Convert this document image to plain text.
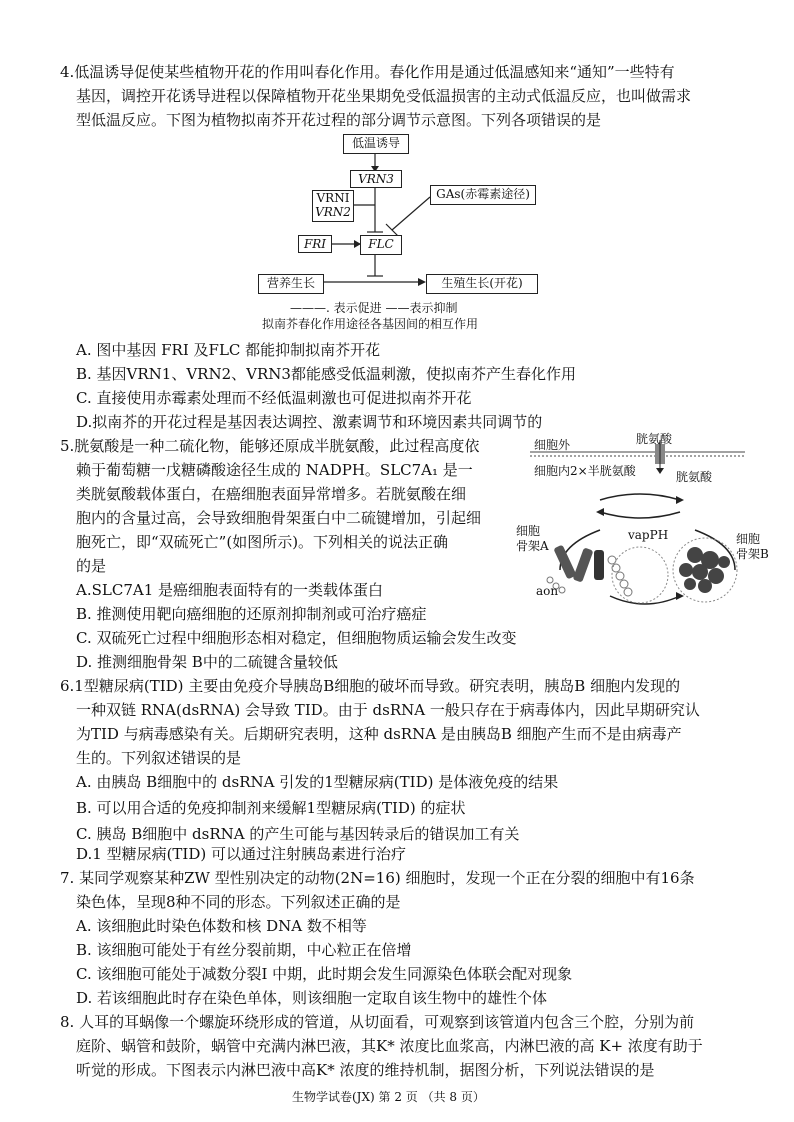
4.低温诱导促使某些植物开花的作用叫春化作用。春化作用是通过低温感知来“通知”一些特有
基因，调控开花诱导进程以保障植物开花坐果期免受低温损害的主动式低温反应，也叫做需求
型低温反应。下图为植物拟南芥开花过程的部分调节示意图。下列各项错误的是
低温诱导
VRN3
VRNI
VRN2
GAs(赤霉素途径)
FRI	FLC
营养生长	生殖生长(开花)
———. 表示促进 ——表示抑制
拟南芥春化作用途径各基因间的相互作用
A. 图中基因 FRI 及FLC 都能抑制拟南芥开花
B. 基因VRN1、VRN2、VRN3都能感受低温刺激，使拟南芥产生春化作用
C. 直接使用赤霉素处理而不经低温刺激也可促进拟南芥开花
D.拟南芥的开花过程是基因表达调控、激素调节和环境因素共同调节的
5.胱氨酸是一种二硫化物，能够还原成半胱氨酸，此过程高度依
赖于葡萄糖一戊糖磷酸途径生成的 NADPH。SLC7A₁ 是一
类胱氨酸载体蛋白，在癌细胞表面异常增多。若胱氨酸在细
胞内的含量过高，会导致细胞骨架蛋白中二硫键增加，引起细
胞死亡，即“双硫死亡”(如图所示)。下列相关的说法正确
的是
细胞外	胱氨酸
细胞内2×半胱氨酸	胱氨酸
vapPH
细胞
骨架A
aon
细胞
骨架B
A.SLC7A1 是癌细胞表面特有的一类载体蛋白
B. 推测使用靶向癌细胞的还原剂抑制剂或可治疗癌症
C. 双硫死亡过程中细胞形态相对稳定，但细胞物质运输会发生改变
D. 推测细胞骨架 B中的二硫键含量较低
6.1型糖尿病(TID) 主要由免疫介导胰岛B细胞的破坏而导致。研究表明，胰岛B 细胞内发现的
一种双链 RNA(dsRNA) 会导致 TID。由于 dsRNA 一般只存在于病毒体内，因此早期研究认
为TID 与病毒感染有关。后期研究表明，这种 dsRNA 是由胰岛B 细胞产生而不是由病毒产
生的。下列叙述错误的是
A. 由胰岛 B细胞中的 dsRNA 引发的1型糖尿病(TID) 是体液免疫的结果
B. 可以用合适的免疫抑制剂来缓解1型糖尿病(TID) 的症状
C. 胰岛 B细胞中 dsRNA 的产生可能与基因转录后的错误加工有关
D.1 型糖尿病(TID) 可以通过注射胰岛素进行治疗
7. 某同学观察某种ZW 型性别决定的动物(2N=16) 细胞时，发现一个正在分裂的细胞中有16条
染色体，呈现8种不同的形态。下列叙述正确的是
A. 该细胞此时染色体数和核 DNA 数不相等
B. 该细胞可能处于有丝分裂前期，中心粒正在倍增
C. 该细胞可能处于减数分裂I 中期，此时期会发生同源染色体联会配对现象
D. 若该细胞此时存在染色单体，则该细胞一定取自该生物中的雄性个体
8. 人耳的耳蜗像一个螺旋环绕形成的管道，从切面看，可观察到该管道内包含三个腔，分别为前
庭阶、蜗管和鼓阶，蜗管中充满内淋巴液，其K* 浓度比血浆高，内淋巴液的高 K+ 浓度有助于
听觉的形成。下图表示内淋巴液中高K* 浓度的维持机制，据图分析，下列说法错误的是
生物学试卷(JX) 第 2 页 （共 8 页）
